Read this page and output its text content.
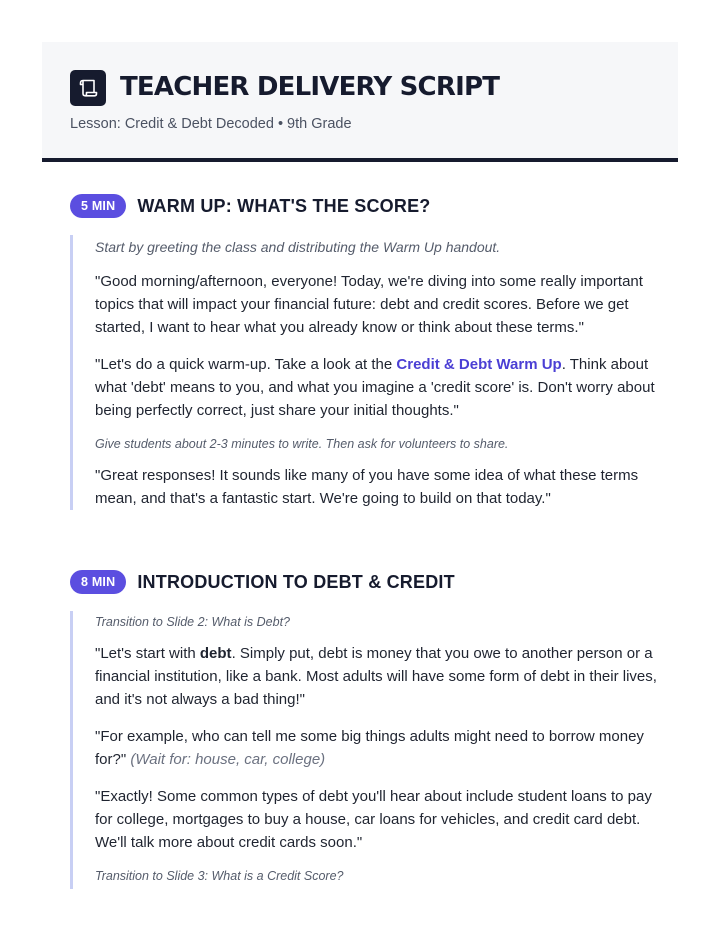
TEACHER DELIVERY SCRIPT
Lesson: Credit & Debt Decoded • 9th Grade
5 MIN	WARM UP: WHAT'S THE SCORE?

Start by greeting the class and distributing the Warm Up handout.

"Good morning/afternoon, everyone! Today, we're diving into some really important topics that will impact your financial future: debt and credit scores. Before we get started, I want to hear what you already know or think about these terms."

"Let's do a quick warm-up. Take a look at the Credit & Debt Warm Up. Think about what 'debt' means to you, and what you imagine a 'credit score' is. Don't worry about being perfectly correct, just share your initial thoughts."

Give students about 2-3 minutes to write. Then ask for volunteers to share.

"Great responses! It sounds like many of you have some idea of what these terms mean, and that's a fantastic start. We're going to build on that today."

8 MIN	INTRODUCTION TO DEBT & CREDIT

Transition to Slide 2: What is Debt?

"Let's start with debt. Simply put, debt is money that you owe to another person or a financial institution, like a bank. Most adults will have some form of debt in their lives, and it's not always a bad thing!"

"For example, who can tell me some big things adults might need to borrow money for?" (Wait for: house, car, college)

"Exactly! Some common types of debt you'll hear about include student loans to pay for college, mortgages to buy a house, car loans for vehicles, and credit card debt. We'll talk more about credit cards soon."

Transition to Slide 3: What is a Credit Score?
